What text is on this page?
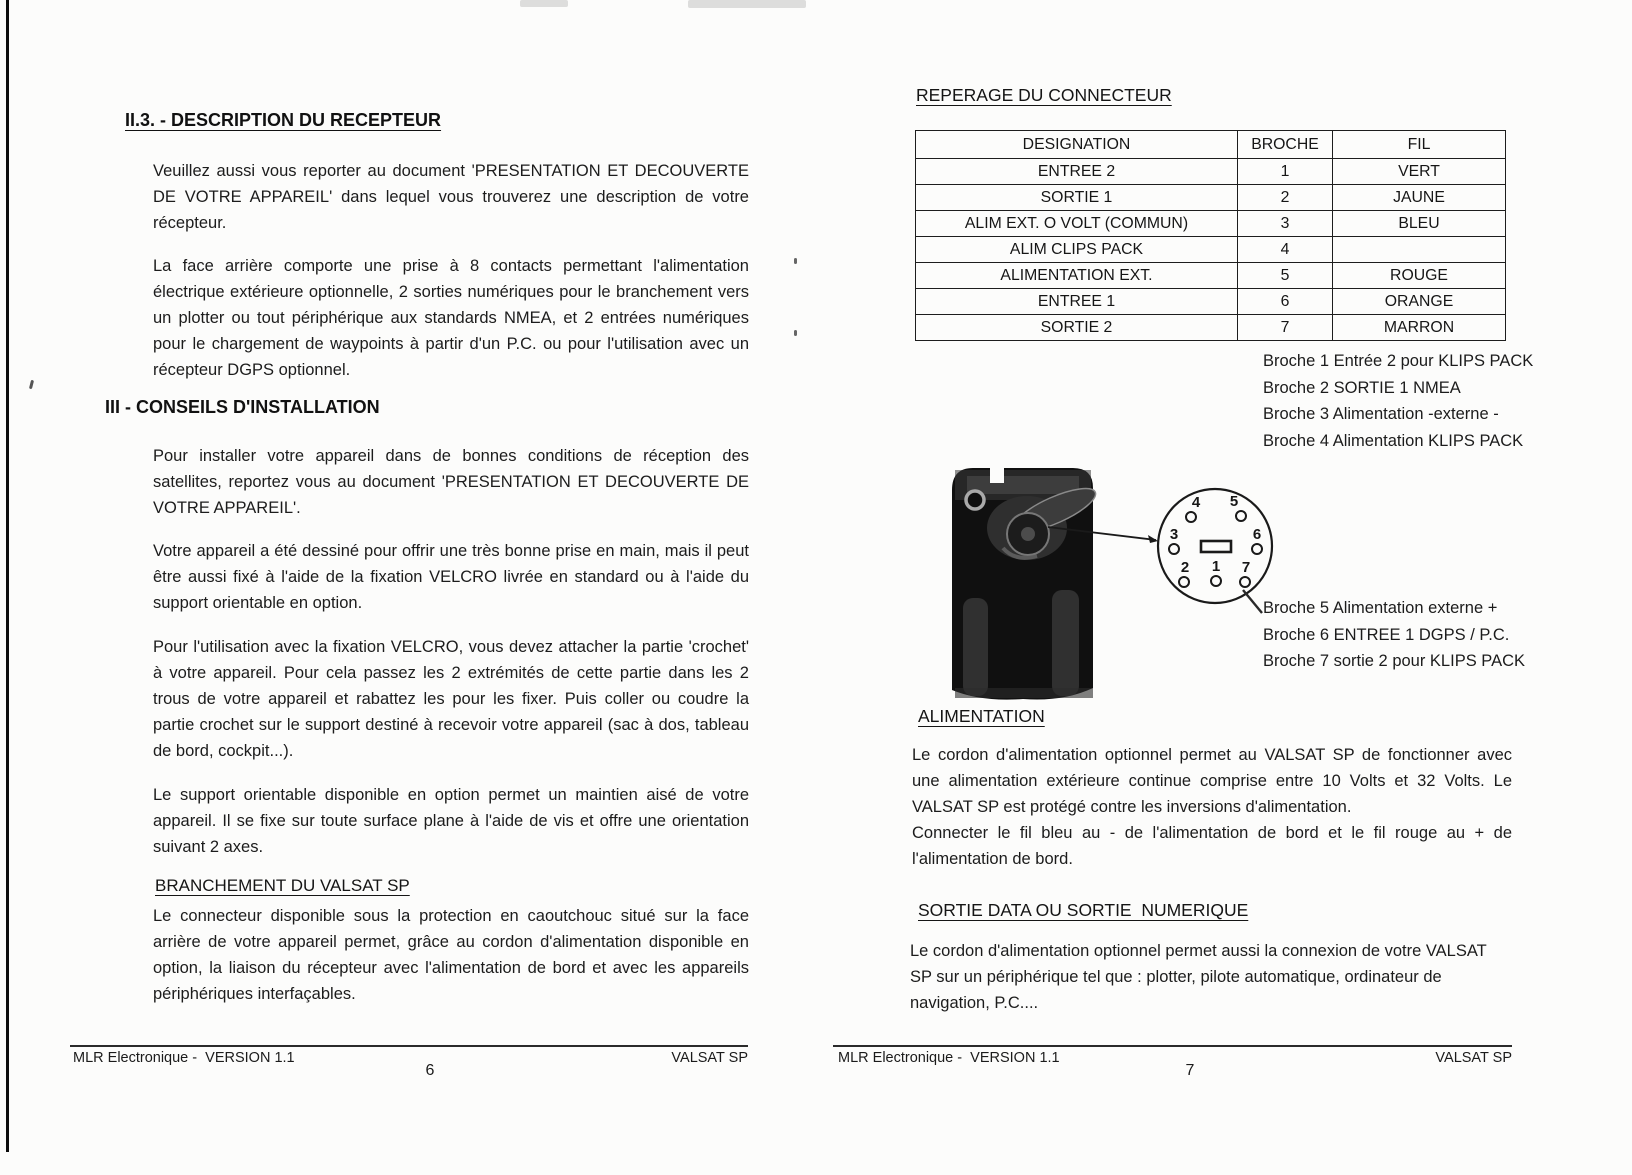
II.3. - DESCRIPTION DU RECEPTEUR
Veuillez aussi vous reporter au document 'PRESENTATION ET DECOUVERTE DE VOTRE APPAREIL' dans lequel vous trouverez une description de votre récepteur.
La face arrière comporte une prise à 8 contacts permettant l'alimentation électrique extérieure optionnelle, 2 sorties numériques pour le branchement vers un plotter ou tout périphérique aux standards NMEA, et 2 entrées numériques pour le chargement de waypoints à partir d'un P.C. ou pour l'utilisation avec un récepteur DGPS optionnel.
III - CONSEILS D'INSTALLATION
Pour installer votre appareil dans de bonnes conditions de réception des satellites, reportez vous au document 'PRESENTATION ET DECOUVERTE DE VOTRE APPAREIL'.
Votre appareil a été dessiné pour offrir une très bonne prise en main, mais il peut être aussi fixé à l'aide de la fixation VELCRO livrée en standard ou à l'aide du support orientable en option.
Pour l'utilisation avec la fixation VELCRO, vous devez attacher la partie 'crochet' à votre appareil. Pour cela passez les 2 extrémités de cette partie dans les 2 trous de votre appareil et rabattez les pour les fixer. Puis coller ou coudre la partie crochet sur le support destiné à recevoir votre appareil (sac à dos, tableau de bord, cockpit...).
Le support orientable disponible en option permet un maintien aisé de votre appareil. Il se fixe sur toute surface plane à l'aide de vis et offre une orientation suivant 2 axes.
BRANCHEMENT DU VALSAT SP
Le connecteur disponible sous la protection en caoutchouc situé sur la face arrière de votre appareil permet, grâce au cordon d'alimentation disponible en option, la liaison du récepteur avec l'alimentation de bord et avec les appareils périphériques interfaçables.
MLR Electronique -  VERSION 1.1	VALSAT SP
6
REPERAGE DU CONNECTEUR
DESIGNATION	BROCHE	FIL
ENTREE 2	1	VERT
SORTIE 1	2	JAUNE
ALIM EXT. O VOLT (COMMUN)	3	BLEU
ALIM CLIPS PACK	4	
ALIMENTATION EXT.	5	ROUGE
ENTREE 1	6	ORANGE
SORTIE 2	7	MARRON
Broche 1 Entrée 2 pour KLIPS PACK
Broche 2 SORTIE 1 NMEA
Broche 3 Alimentation -externe -
Broche 4 Alimentation KLIPS PACK
4 5
3	6
2 1 7
Broche 5 Alimentation externe +
Broche 6 ENTREE 1 DGPS / P.C.
Broche 7 sortie 2 pour KLIPS PACK
ALIMENTATION
Le cordon d'alimentation optionnel permet au VALSAT SP de fonctionner avec une alimentation extérieure continue comprise entre 10 Volts et 32 Volts. Le VALSAT SP est protégé contre les inversions d'alimentation.
Connecter le fil bleu au - de l'alimentation de bord et le fil rouge au + de l'alimentation de bord.
SORTIE DATA OU SORTIE  NUMERIQUE
Le cordon d'alimentation optionnel permet aussi la connexion de votre VALSAT SP sur un périphérique tel que : plotter, pilote automatique, ordinateur de navigation, P.C....
MLR Electronique -  VERSION 1.1	VALSAT SP
7
